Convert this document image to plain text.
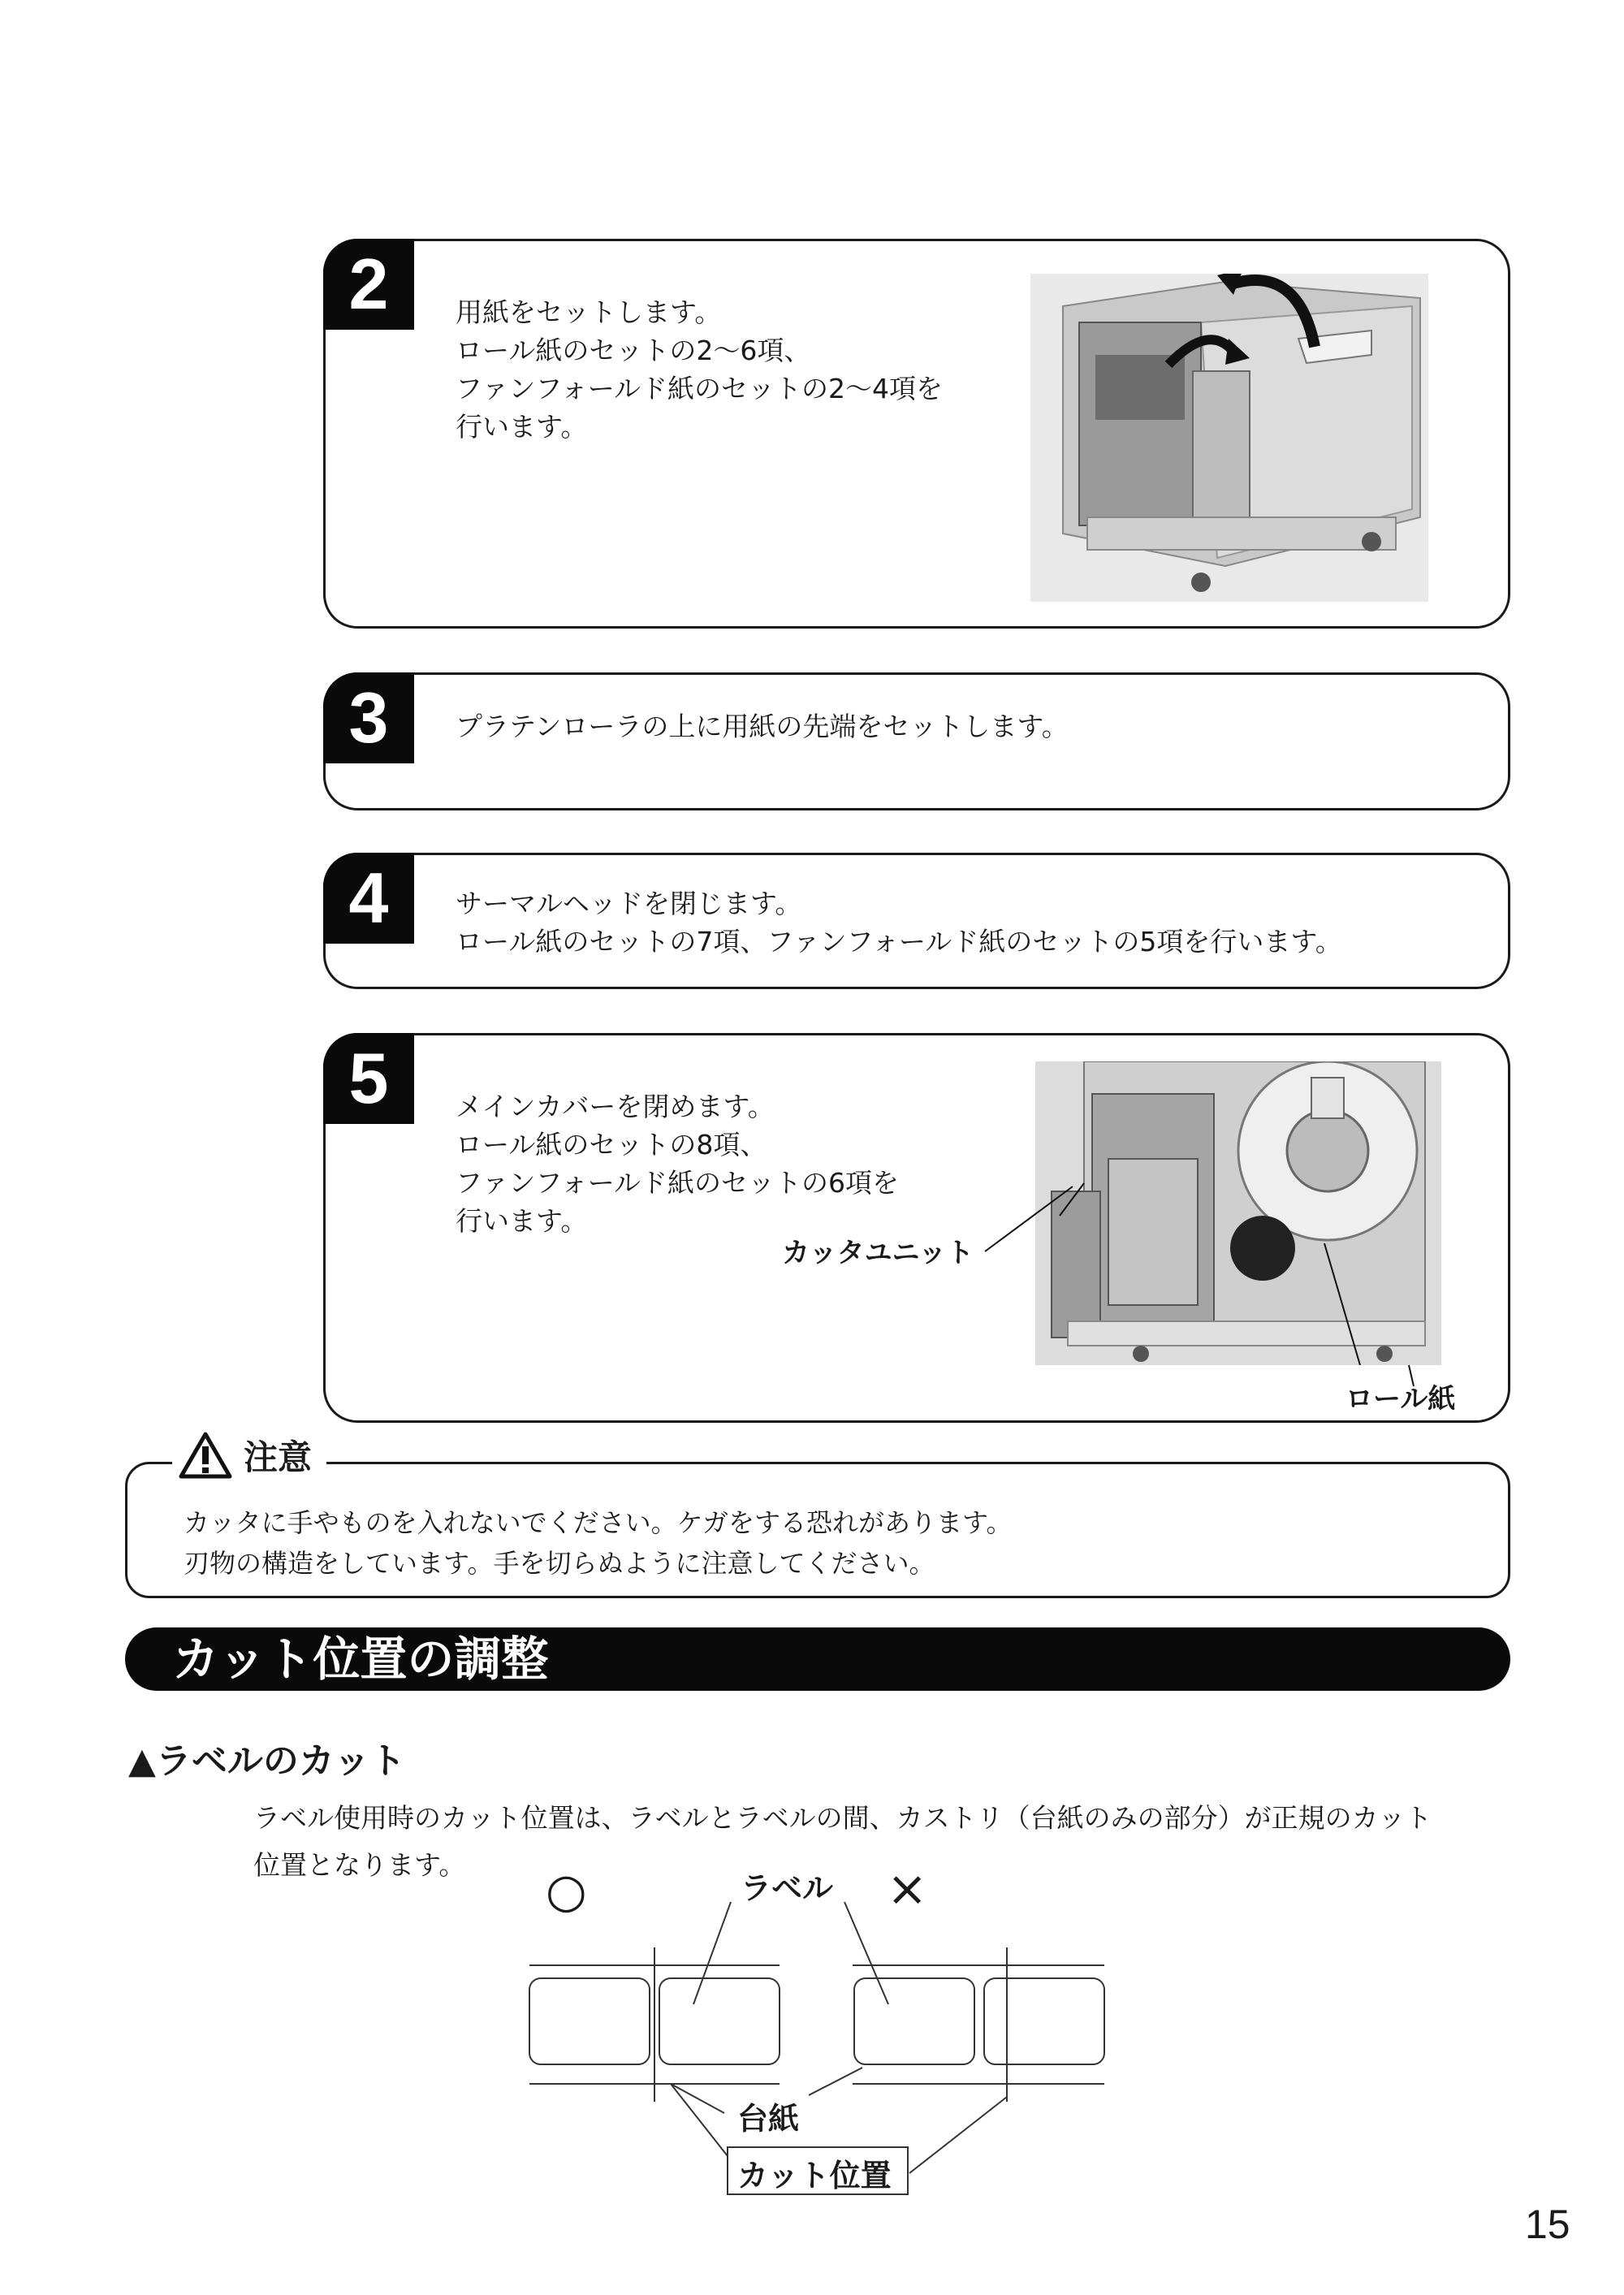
2	用紙をセットします。
ロール紙のセットの2〜6項、
ファンフォールド紙のセットの2〜4項を
行います。
3	プラテンローラの上に用紙の先端をセットします。
4	サーマルヘッドを閉じます。
ロール紙のセットの7項、ファンフォールド紙のセットの5項を行います。
5	メインカバーを閉めます。
ロール紙のセットの8項、
ファンフォールド紙のセットの6項を
行います。
カッタユニット
ロール紙
注意
カッタに手やものを入れないでください。ケガをする恐れがあります。
刃物の構造をしています。手を切らぬように注意してください。
カット位置の調整
▲ラベルのカット
ラベル使用時のカット位置は、ラベルとラベルの間、カストリ（台紙のみの部分）が正規のカット
位置となります。	○	×
ラベル
台紙
カット位置
15
